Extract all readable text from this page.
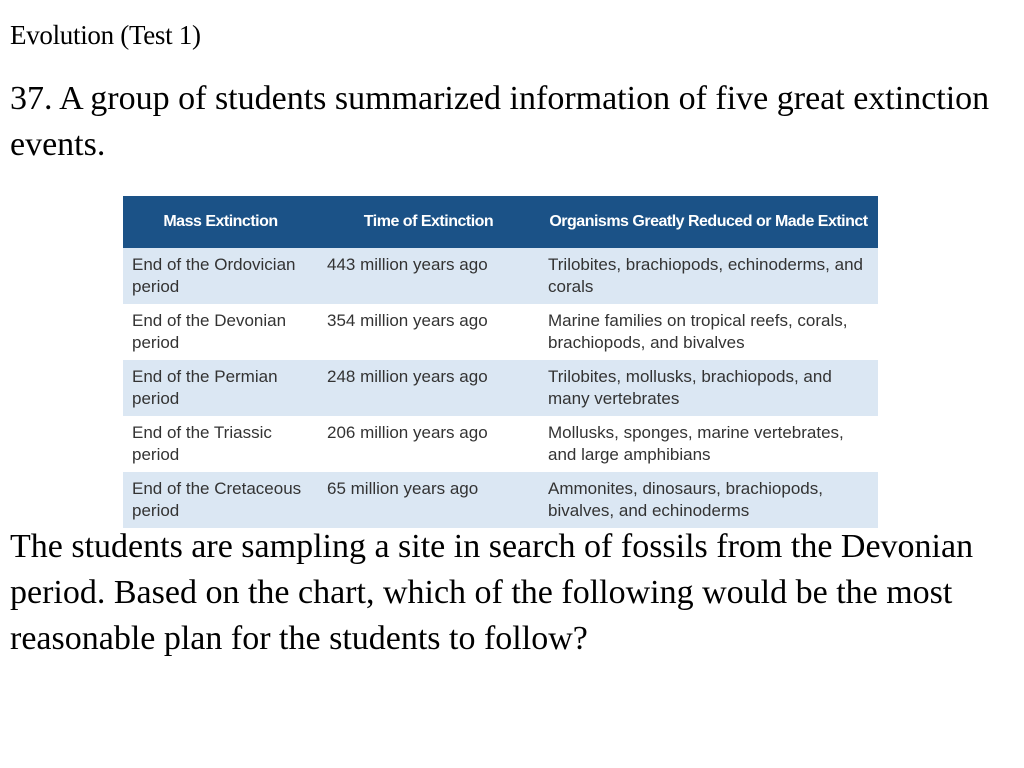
Evolution (Test 1)

37. A group of students summarized information of five great extinction events.

Mass Extinction	Time of Extinction	Organisms Greatly Reduced or Made Extinct
End of the Ordovician period	443 million years ago	Trilobites, brachiopods, echinoderms, and corals
End of the Devonian period	354 million years ago	Marine families on tropical reefs, corals, brachiopods, and bivalves
End of the Permian period	248 million years ago	Trilobites, mollusks, brachiopods, and many vertebrates
End of the Triassic period	206 million years ago	Mollusks, sponges, marine vertebrates, and large amphibians
End of the Cretaceous period	65 million years ago	Ammonites, dinosaurs, brachiopods, bivalves, and echinoderms

The students are sampling a site in search of fossils from the Devonian period. Based on the chart, which of the following would be the most reasonable plan for the students to follow?
